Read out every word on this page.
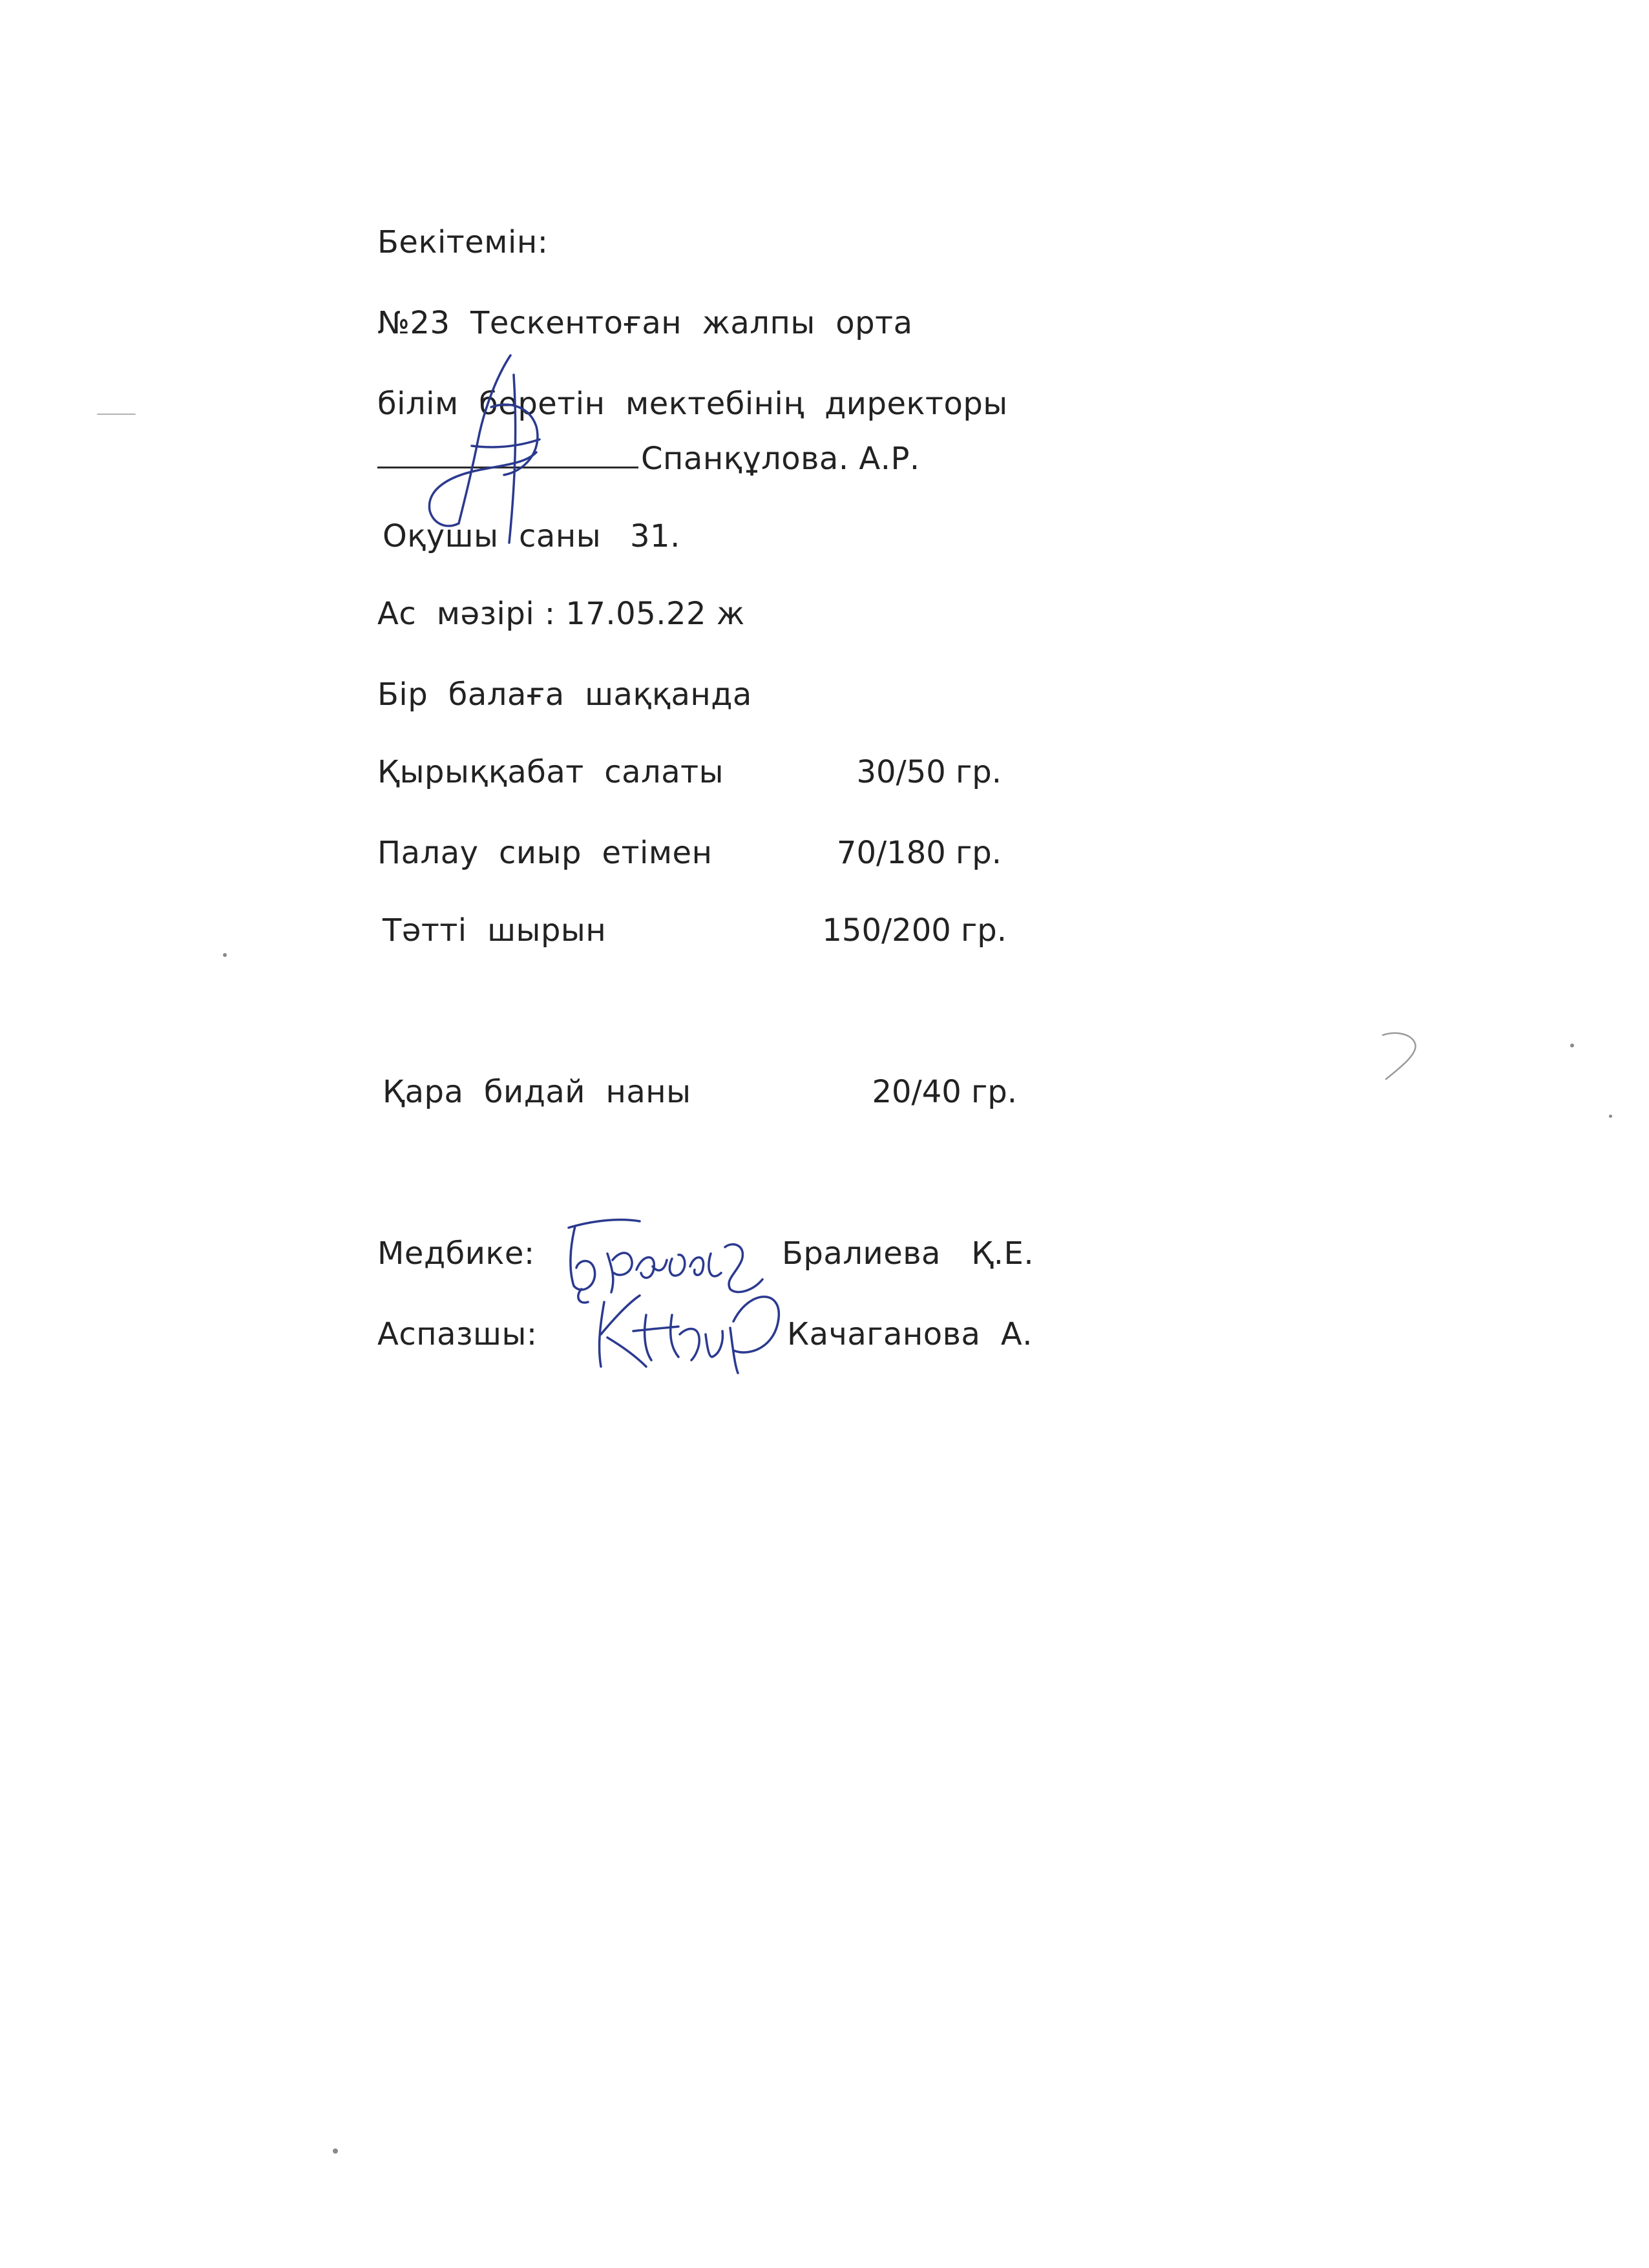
Бекітемін:
№23  Тескентоған  жалпы  орта
білім  беретін  мектебінің  директоры
Спанқұлова. А.Р.
Оқушы  саны 31.
Ас  мәзірі : 17.05.22 ж
Бір  балаға  шаққанда
Қырыққабат  салаты	30/50 гр.
Палау  сиыр  етімен	70/180 гр.
Тәтті  шырын	150/200 гр.
Қара  бидай  наны	20/40 гр.
Медбике:	Бралиева   Қ.Е.
Аспазшы:	Качаганова  А.
